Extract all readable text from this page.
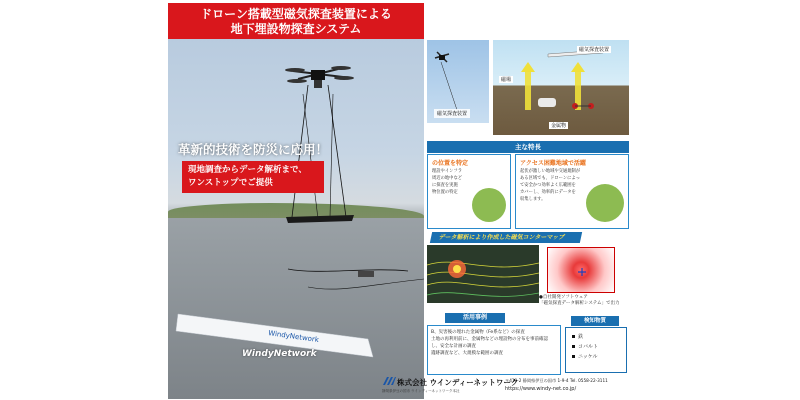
ドローン搭載型磁気探査装置による
地下埋設物探査システム
WindyNetwork
革新的技術を防災に応用！
現地調査からデータ解析まで、
ワンストップでご提供
WindyNetwork
磁気探査装置
磁気探査装置
磁場
金属物
主な特長
の位置を特定
理設やインフラ
周辺の地中など
に探査を実施
物位置の特定
アクセス困難地域で活躍
起伏が激しい地域や交通規制が
ある区域でも、ドローンによっ
て安全かつ効率よく広範囲を
カバーし、効率的にデータを
収集します。
データ解析により作成した磁気コンターマップ
●自社開発ソフトウェア
「磁気探査データ解析システム」で出力
活用事例
B、災害後の埋れた金属物（Fe系など）の探査
土地の再利用前に、金属物などの埋設物の分布を事前確認
し、安全な計画の調査
遺跡調査など、大規模な範囲の調査
検知物質
鉄
コバルト
ニッケル
株式会社 ウインディーネットワーク
静岡県伊豆の国市 ウインディーネットワーク本社
〒410-2 静岡県伊豆の国市 1-9-4 Tel. 0558-22-3111
https://www.windy-net.co.jp/
